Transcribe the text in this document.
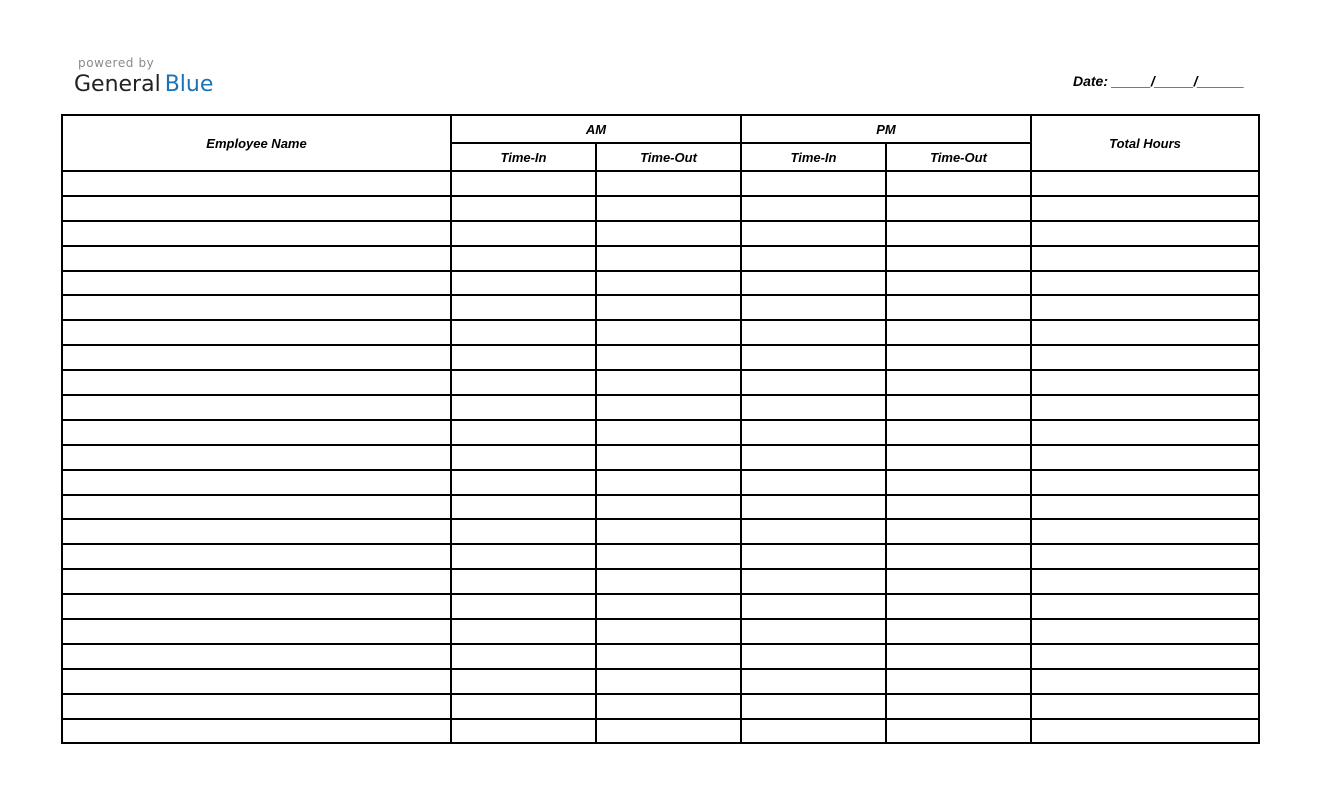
powered by
General Blue	Date: _____/_____/______
Employee Name	AM		PM		Total Hours
	Time-In	Time-Out	Time-In	Time-Out	
